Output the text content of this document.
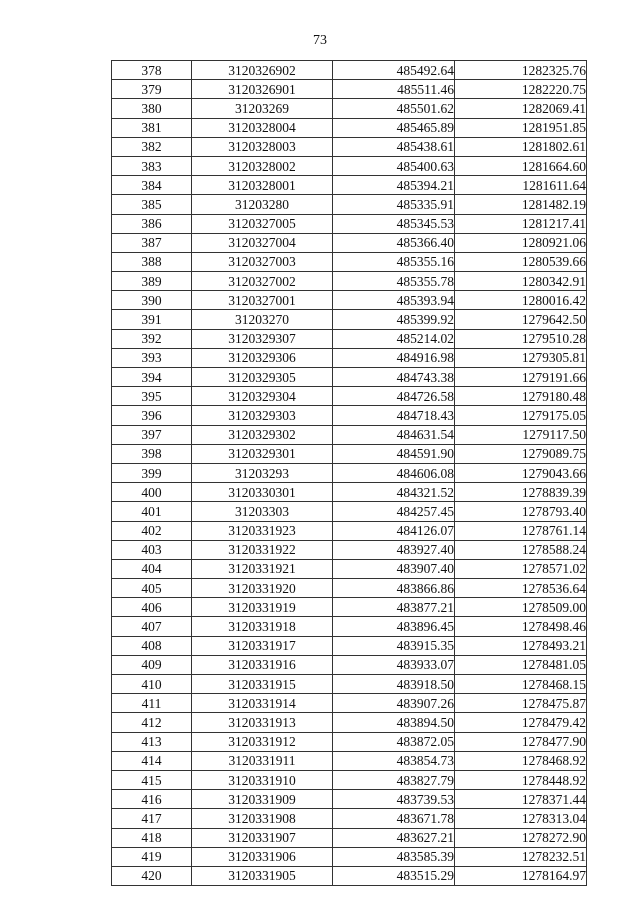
73
378	3120326902	485492.64	1282325.76
379	3120326901	485511.46	1282220.75
380	31203269	485501.62	1282069.41
381	3120328004	485465.89	1281951.85
382	3120328003	485438.61	1281802.61
383	3120328002	485400.63	1281664.60
384	3120328001	485394.21	1281611.64
385	31203280	485335.91	1281482.19
386	3120327005	485345.53	1281217.41
387	3120327004	485366.40	1280921.06
388	3120327003	485355.16	1280539.66
389	3120327002	485355.78	1280342.91
390	3120327001	485393.94	1280016.42
391	31203270	485399.92	1279642.50
392	3120329307	485214.02	1279510.28
393	3120329306	484916.98	1279305.81
394	3120329305	484743.38	1279191.66
395	3120329304	484726.58	1279180.48
396	3120329303	484718.43	1279175.05
397	3120329302	484631.54	1279117.50
398	3120329301	484591.90	1279089.75
399	31203293	484606.08	1279043.66
400	3120330301	484321.52	1278839.39
401	31203303	484257.45	1278793.40
402	3120331923	484126.07	1278761.14
403	3120331922	483927.40	1278588.24
404	3120331921	483907.40	1278571.02
405	3120331920	483866.86	1278536.64
406	3120331919	483877.21	1278509.00
407	3120331918	483896.45	1278498.46
408	3120331917	483915.35	1278493.21
409	3120331916	483933.07	1278481.05
410	3120331915	483918.50	1278468.15
411	3120331914	483907.26	1278475.87
412	3120331913	483894.50	1278479.42
413	3120331912	483872.05	1278477.90
414	3120331911	483854.73	1278468.92
415	3120331910	483827.79	1278448.92
416	3120331909	483739.53	1278371.44
417	3120331908	483671.78	1278313.04
418	3120331907	483627.21	1278272.90
419	3120331906	483585.39	1278232.51
420	3120331905	483515.29	1278164.97
